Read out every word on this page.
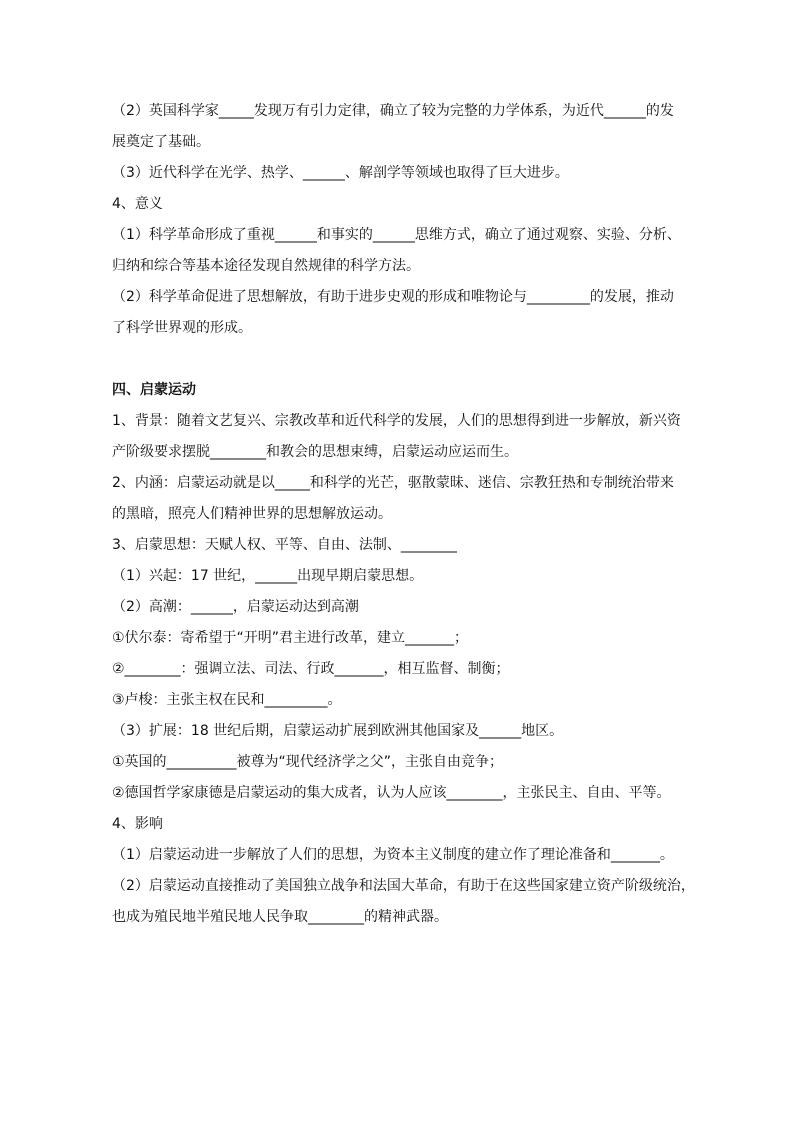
（2）英国科学家_____发现万有引力定律，确立了较为完整的力学体系，为近代______的发
展奠定了基础。
（3）近代科学在光学、热学、______、解剖学等领域也取得了巨大进步。
4、意义
（1）科学革命形成了重视______和事实的______思维方式，确立了通过观察、实验、分析、
归纳和综合等基本途径发现自然规律的科学方法。
（2）科学革命促进了思想解放，有助于进步史观的形成和唯物论与_________的发展，推动
了科学世界观的形成。
四、启蒙运动
1、背景：随着文艺复兴、宗教改革和近代科学的发展，人们的思想得到进一步解放，新兴资
产阶级要求摆脱________和教会的思想束缚，启蒙运动应运而生。
2、内涵：启蒙运动就是以_____和科学的光芒，驱散蒙昧、迷信、宗教狂热和专制统治带来
的黑暗，照亮人们精神世界的思想解放运动。
3、启蒙思想：天赋人权、平等、自由、法制、________
（1）兴起：17 世纪，______出现早期启蒙思想。
（2）高潮：______，启蒙运动达到高潮
①伏尔泰：寄希望于“开明”君主进行改革，建立_______；
②________：强调立法、司法、行政_______，相互监督、制衡；
③卢梭：主张主权在民和_________。
（3）扩展：18 世纪后期，启蒙运动扩展到欧洲其他国家及______地区。
①英国的__________被尊为“现代经济学之父”，主张自由竞争；
②德国哲学家康德是启蒙运动的集大成者，认为人应该________，主张民主、自由、平等。
4、影响
（1）启蒙运动进一步解放了人们的思想，为资本主义制度的建立作了理论准备和_______。
（2）启蒙运动直接推动了美国独立战争和法国大革命，有助于在这些国家建立资产阶级统治，
也成为殖民地半殖民地人民争取________的精神武器。
